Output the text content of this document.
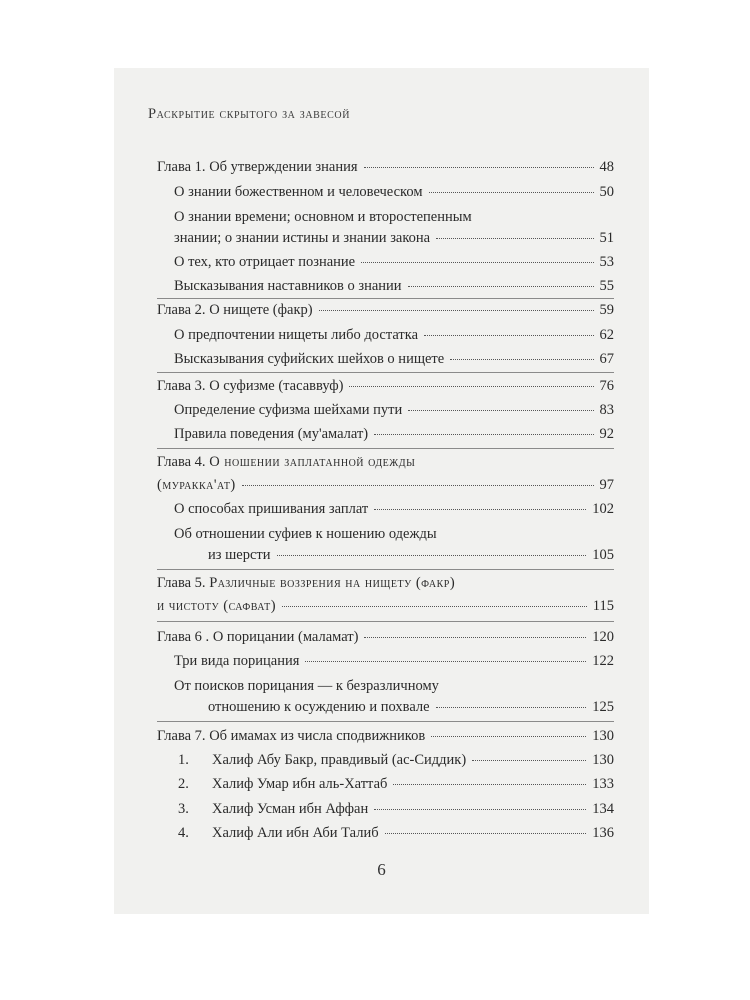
Раскрытие скрытого за завесой
Глава 1. Об утверждении знания	48
О знании божественном и человеческом	50
О знании времени; основном и второстепенным
знании; о знании истины и знании закона	51
О тех, кто отрицает познание	53
Высказывания наставников о знании	55
Глава 2. О нищете (факр)	59
О предпочтении нищеты либо достатка	62
Высказывания суфийских шейхов о нищете	67
Глава 3. О суфизме (тасаввуф)	76
Определение суфизма шейхами пути	83
Правила поведения (му'амалат)	92
Глава 4. О ношении заплатанной одежды
(муракка'ат)	97
О способах пришивания заплат	102
Об отношении суфиев к ношению одежды
из шерсти	105
Глава 5. Различные воззрения на нищету (факр)
и чистоту (сафват)	115
Глава 6 . О порицании (маламат)	120
Три вида порицания	122
От поисков порицания — к безразличному
отношению к осуждению и похвале	125
Глава 7. Об имамах из числа сподвижников	130
1. Халиф Абу Бакр, правдивый (ас-Сиддик)	130
2. Халиф Умар ибн аль-Хаттаб	133
3. Халиф Усман ибн Аффан	134
4. Халиф Али ибн Аби Талиб	136
6
